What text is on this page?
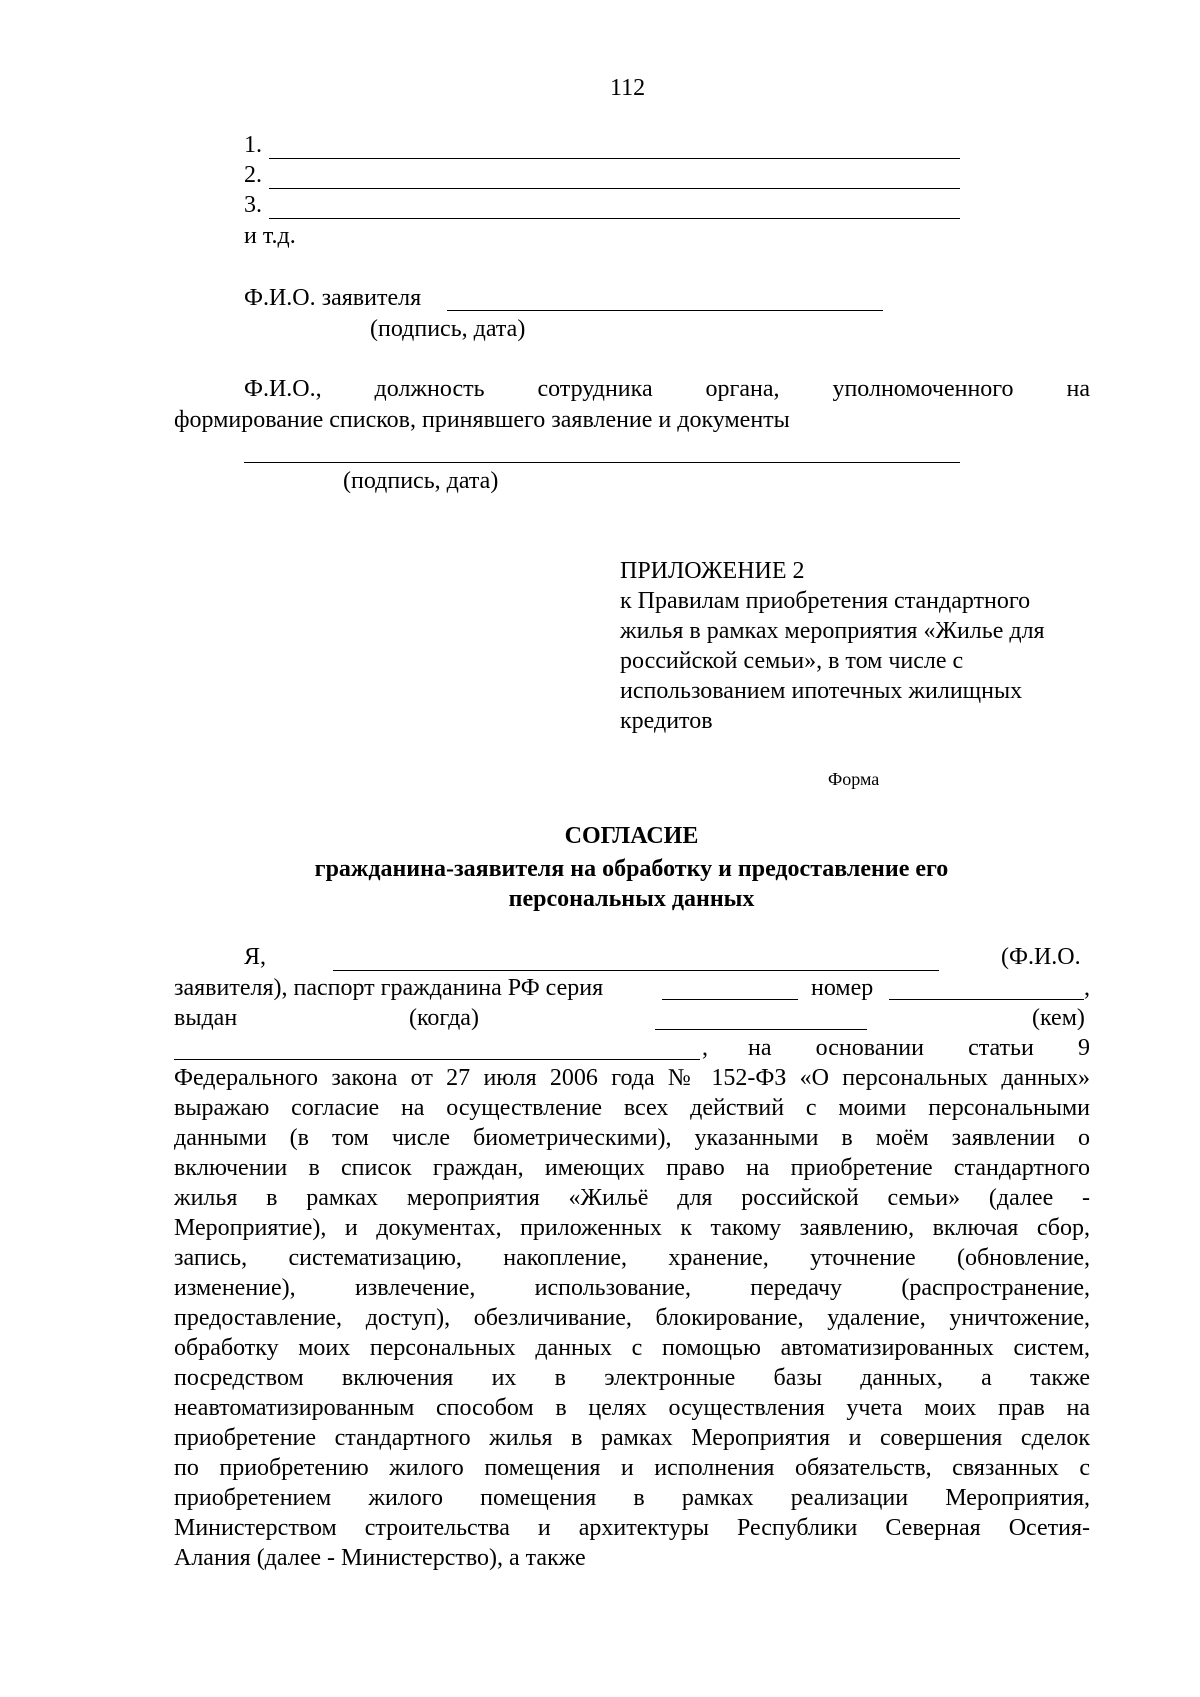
112
1.
2.
3.
и т.д.
Ф.И.О. заявителя
(подпись, дата)
Ф.И.О., должность сотрудника органа, уполномоченного на
формирование списков, принявшего заявление и документы
(подпись, дата)
ПРИЛОЖЕНИЕ 2
к Правилам приобретения стандартного
жилья в рамках мероприятия «Жилье для
российской семьи», в том числе с
использованием ипотечных жилищных
кредитов
Форма
СОГЛАСИЕ
гражданина-заявителя на обработку и предоставление его
персональных данных
Я,	(Ф.И.О.
заявителя), паспорт гражданина РФ серия	номер	,
выдан	(когда)	(кем)
, на основании статьи 9
Федерального закона от 27 июля 2006 года № 152-ФЗ «О персональных данных»
выражаю согласие на осуществление всех действий с моими персональными
данными (в том числе биометрическими), указанными в моём заявлении о
включении в список граждан, имеющих право на приобретение стандартного
жилья в рамках мероприятия «Жильё для российской семьи» (далее -
Мероприятие), и документах, приложенных к такому заявлению, включая сбор,
запись, систематизацию, накопление, хранение, уточнение (обновление,
изменение), извлечение, использование, передачу (распространение,
предоставление, доступ), обезличивание, блокирование, удаление, уничтожение,
обработку моих персональных данных с помощью автоматизированных систем,
посредством включения их в электронные базы данных, а также
неавтоматизированным способом в целях осуществления учета моих прав на
приобретение стандартного жилья в рамках Мероприятия и совершения сделок
по приобретению жилого помещения и исполнения обязательств, связанных с
приобретением жилого помещения в рамках реализации Мероприятия,
Министерством строительства и архитектуры Республики Северная Осетия-
Алания (далее - Министерство), а также
